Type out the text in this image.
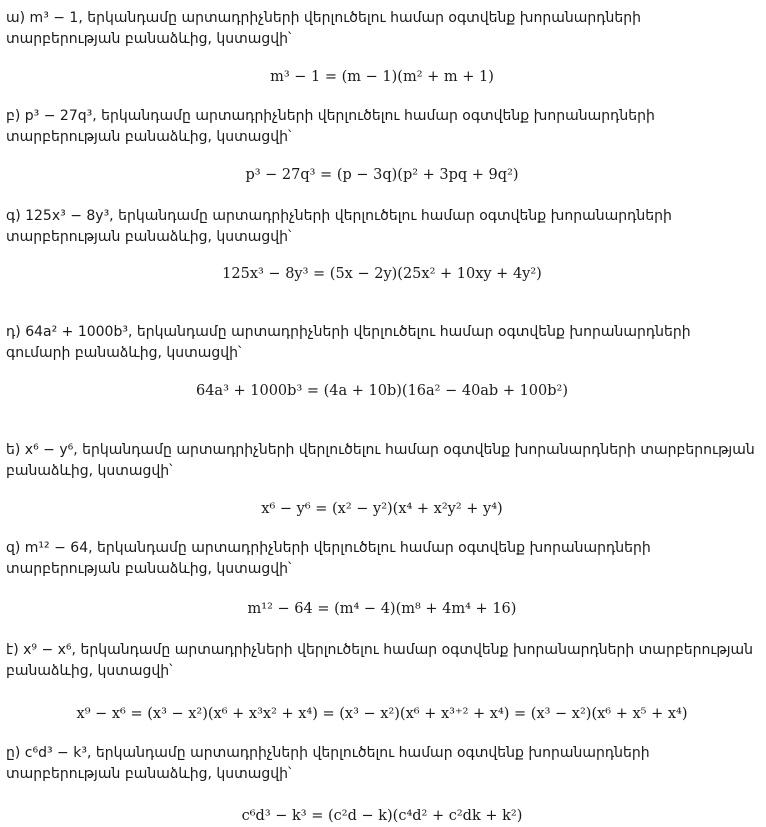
ա) m³ − 1, երկանդամը արտադրիչների վերլուծելու համար օգտվենք խորանարդների տարբերության բանաձևից, կստացվի՝

m³ − 1 = (m − 1)(m² + m + 1)

բ) p³ − 27q³, երկանդամը արտադրիչների վերլուծելու համար օգտվենք խորանարդների տարբերության բանաձևից, կստացվի՝

p³ − 27q³ = (p − 3q)(p² + 3pq + 9q²)

գ) 125x³ − 8y³, երկանդամը արտադրիչների վերլուծելու համար օգտվենք խորանարդների տարբերության բանաձևից, կստացվի՝

125x³ − 8y³ = (5x − 2y)(25x² + 10xy + 4y²)

դ) 64a² + 1000b³, երկանդամը արտադրիչների վերլուծելու համար օգտվենք խորանարդների գումարի բանաձևից, կստացվի՝

64a³ + 1000b³ = (4a + 10b)(16a² − 40ab + 100b²)

ե) x⁶ − y⁶, երկանդամը արտադրիչների վերլուծելու համար օգտվենք խորանարդների տարբերության բանաձևից, կստացվի՝

x⁶ − y⁶ = (x² − y²)(x⁴ + x²y² + y⁴)

զ) m¹² − 64, երկանդամը արտադրիչների վերլուծելու համար օգտվենք խորանարդների տարբերության բանաձևից, կստացվի՝

m¹² − 64 = (m⁴ − 4)(m⁸ + 4m⁴ + 16)

է) x⁹ − x⁶, երկանդամը արտադրիչների վերլուծելու համար օգտվենք խորանարդների տարբերության բանաձևից, կստացվի՝

x⁹ − x⁶ = (x³ − x²)(x⁶ + x³x² + x⁴) = (x³ − x²)(x⁶ + x³⁺² + x⁴) = (x³ − x²)(x⁶ + x⁵ + x⁴)

ը) c⁶d³ − k³, երկանդամը արտադրիչների վերլուծելու համար օգտվենք խորանարդների տարբերության բանաձևից, կստացվի՝

c⁶d³ − k³ = (c²d − k)(c⁴d² + c²dk + k²)
